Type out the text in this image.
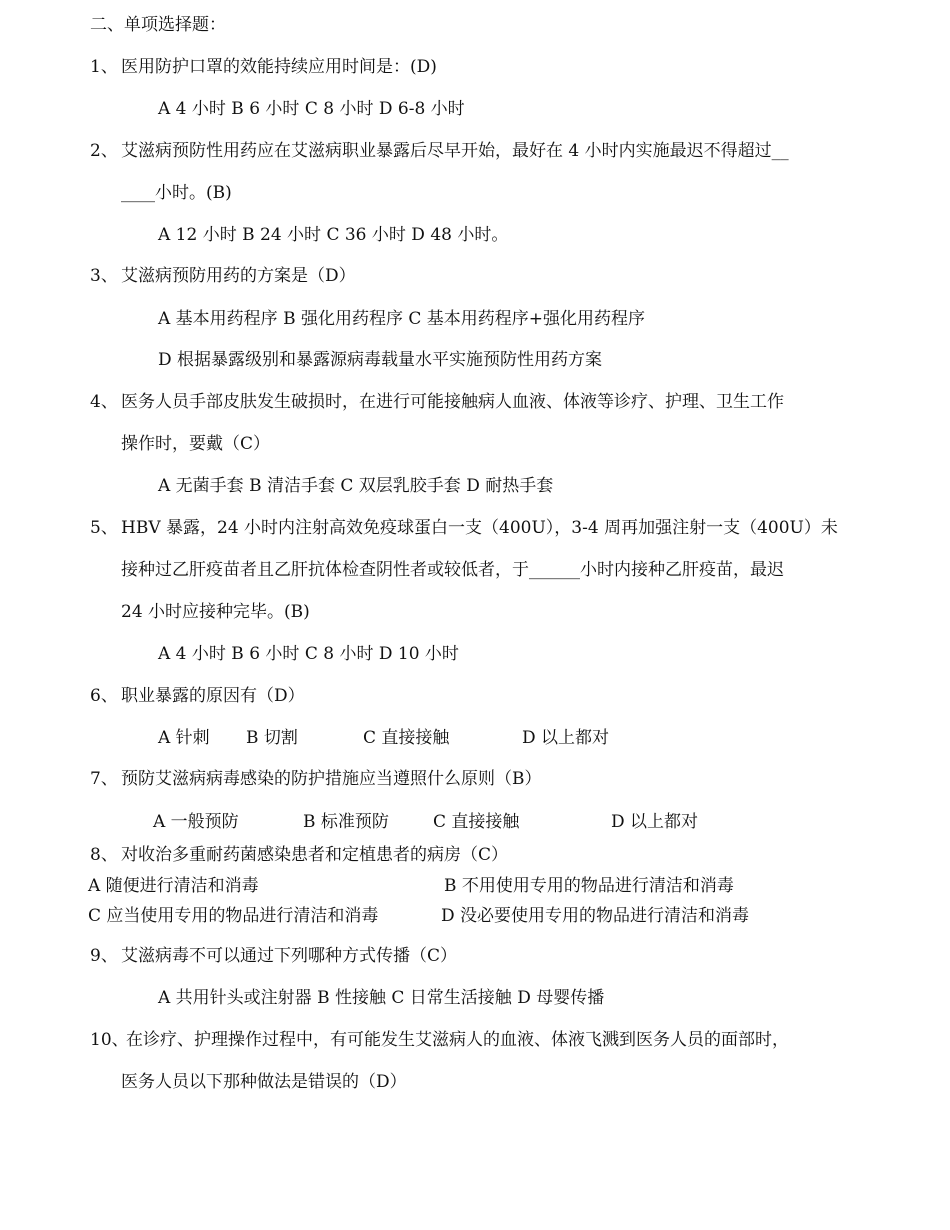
二、单项选择题：
1、 医用防护口罩的效能持续应用时间是：(D)
A 4 小时 B 6 小时 C 8 小时 D 6-8 小时
2、 艾滋病预防性用药应在艾滋病职业暴露后尽早开始，最好在 4 小时内实施最迟不得超过__
____小时。(B)
A 12 小时 B 24 小时 C 36 小时 D 48 小时。
3、 艾滋病预防用药的方案是（D）
A 基本用药程序 B 强化用药程序 C 基本用药程序+强化用药程序
D 根据暴露级别和暴露源病毒载量水平实施预防性用药方案
4、 医务人员手部皮肤发生破损时，在进行可能接触病人血液、体液等诊疗、护理、卫生工作
操作时，要戴（C）
A 无菌手套 B 清洁手套 C 双层乳胶手套 D 耐热手套
5、 HBV 暴露，24 小时内注射高效免疫球蛋白一支（400U），3-4 周再加强注射一支（400U）未
接种过乙肝疫苗者且乙肝抗体检查阴性者或较低者，于______小时内接种乙肝疫苗，最迟
24 小时应接种完毕。(B)
A 4 小时 B 6 小时 C 8 小时 D 10 小时
6、 职业暴露的原因有（D）
A 针刺 B 切割	C 直接接触	D 以上都对
7、 预防艾滋病病毒感染的防护措施应当遵照什么原则（B）
A 一般预防	B 标准预防	C 直接接触	D 以上都对
8、 对收治多重耐药菌感染患者和定植患者的病房（C）
A 随便进行清洁和消毒	B 不用使用专用的物品进行清洁和消毒
C 应当使用专用的物品进行清洁和消毒	D 没必要使用专用的物品进行清洁和消毒
9、 艾滋病毒不可以通过下列哪种方式传播（C）
A 共用针头或注射器 B 性接触 C 日常生活接触 D 母婴传播
10、
在诊疗、护理操作过程中，有可能发生艾滋病人的血液、体液飞溅到医务人员的面部时，
医务人员以下那种做法是错误的（D）
